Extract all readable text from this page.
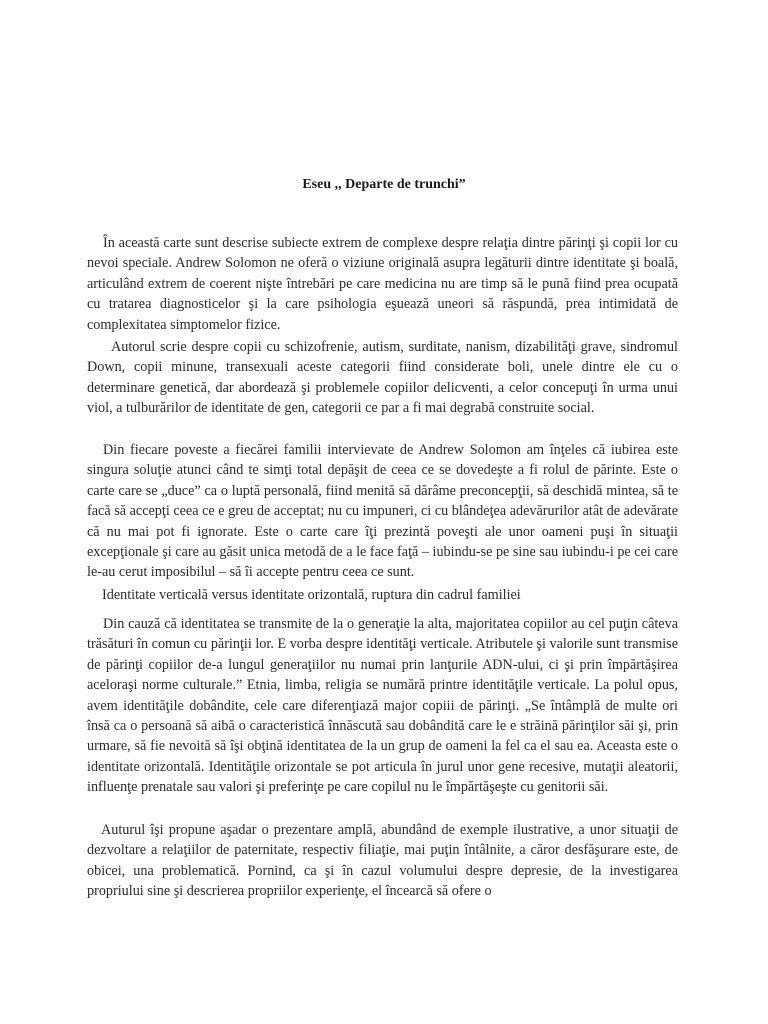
Eseu ,, Departe de trunchi”

În această carte sunt descrise subiecte extrem de complexe despre relaţia dintre părinţi şi copii lor cu nevoi speciale. Andrew Solomon ne oferă o viziune originală asupra legăturii dintre identitate şi boală, articulând extrem de coerent nişte întrebări pe care medicina nu are timp să le pună fiind prea ocupată cu tratarea diagnosticelor şi la care psihologia eşuează uneori să răspundă, prea intimidată de complexitatea simptomelor fizice.

Autorul scrie despre copii cu schizofrenie, autism, surditate, nanism, dizabilităţi grave, sindromul Down, copii minune, transexuali aceste categorii fiind considerate boli, unele dintre ele cu o determinare genetică, dar abordează şi problemele copiilor delicventi, a celor concepuţi în urma unui viol, a tulburărilor de identitate de gen, categorii ce par a fi mai degrabă construite social.

Din fiecare poveste a fiecărei familii intervievate de Andrew Solomon am înţeles că iubirea este singura soluţie atunci când te simţi total depăşit de ceea ce se dovedeşte a fi rolul de părinte. Este o carte care se „duce” ca o luptă personală, fiind menită să dărâme preconcepţii, să deschidă mintea, să te facă să accepţi ceea ce e greu de acceptat; nu cu impuneri, ci cu blândeţea adevărurilor atât de adevărate că nu mai pot fi ignorate. Este o carte care îţi prezintă poveşti ale unor oameni puşi în situaţii excepţionale şi care au găsit unica metodă de a le face faţă – iubindu-se pe sine sau iubindu-i pe cei care le-au cerut imposibilul – să îi accepte pentru ceea ce sunt.

Identitate verticală versus identitate orizontală, ruptura din cadrul familiei

Din cauză că identitatea se transmite de la o generaţie la alta, majoritatea copiilor au cel puţin câteva trăsături în comun cu părinţii lor. E vorba despre identităţi verticale. Atributele şi valorile sunt transmise de părinţi copiilor de-a lungul generaţiilor nu numai prin lanţurile ADN-ului, ci şi prin împărtăşirea aceloraşi norme culturale.” Etnia, limba, religia se numără printre identităţile verticale. La polul opus, avem identităţile dobândite, cele care diferenţiază major copiii de părinţi. „Se întâmplă de multe ori însă ca o persoană să aibă o caracteristică înnăscută sau dobândită care le e străină părinţilor săi şi, prin urmare, să fie nevoită să îşi obţină identitatea de la un grup de oameni la fel ca el sau ea. Aceasta este o identitate orizontală. Identităţile orizontale se pot articula în jurul unor gene recesive, mutaţii aleatorii, influenţe prenatale sau valori şi preferinţe pe care copilul nu le împărtăşeşte cu genitorii săi.

Auturul îşi propune aşadar o prezentare amplă, abundând de exemple ilustrative, a unor situaţii de dezvoltare a relaţiilor de paternitate, respectiv filiaţie, mai puţin întâlnite, a căror desfăşurare este, de obicei, una problematică. Pornind, ca şi în cazul volumului despre depresie, de la investigarea propriului sine şi descrierea propriilor experienţe, el încearcă să ofere o
